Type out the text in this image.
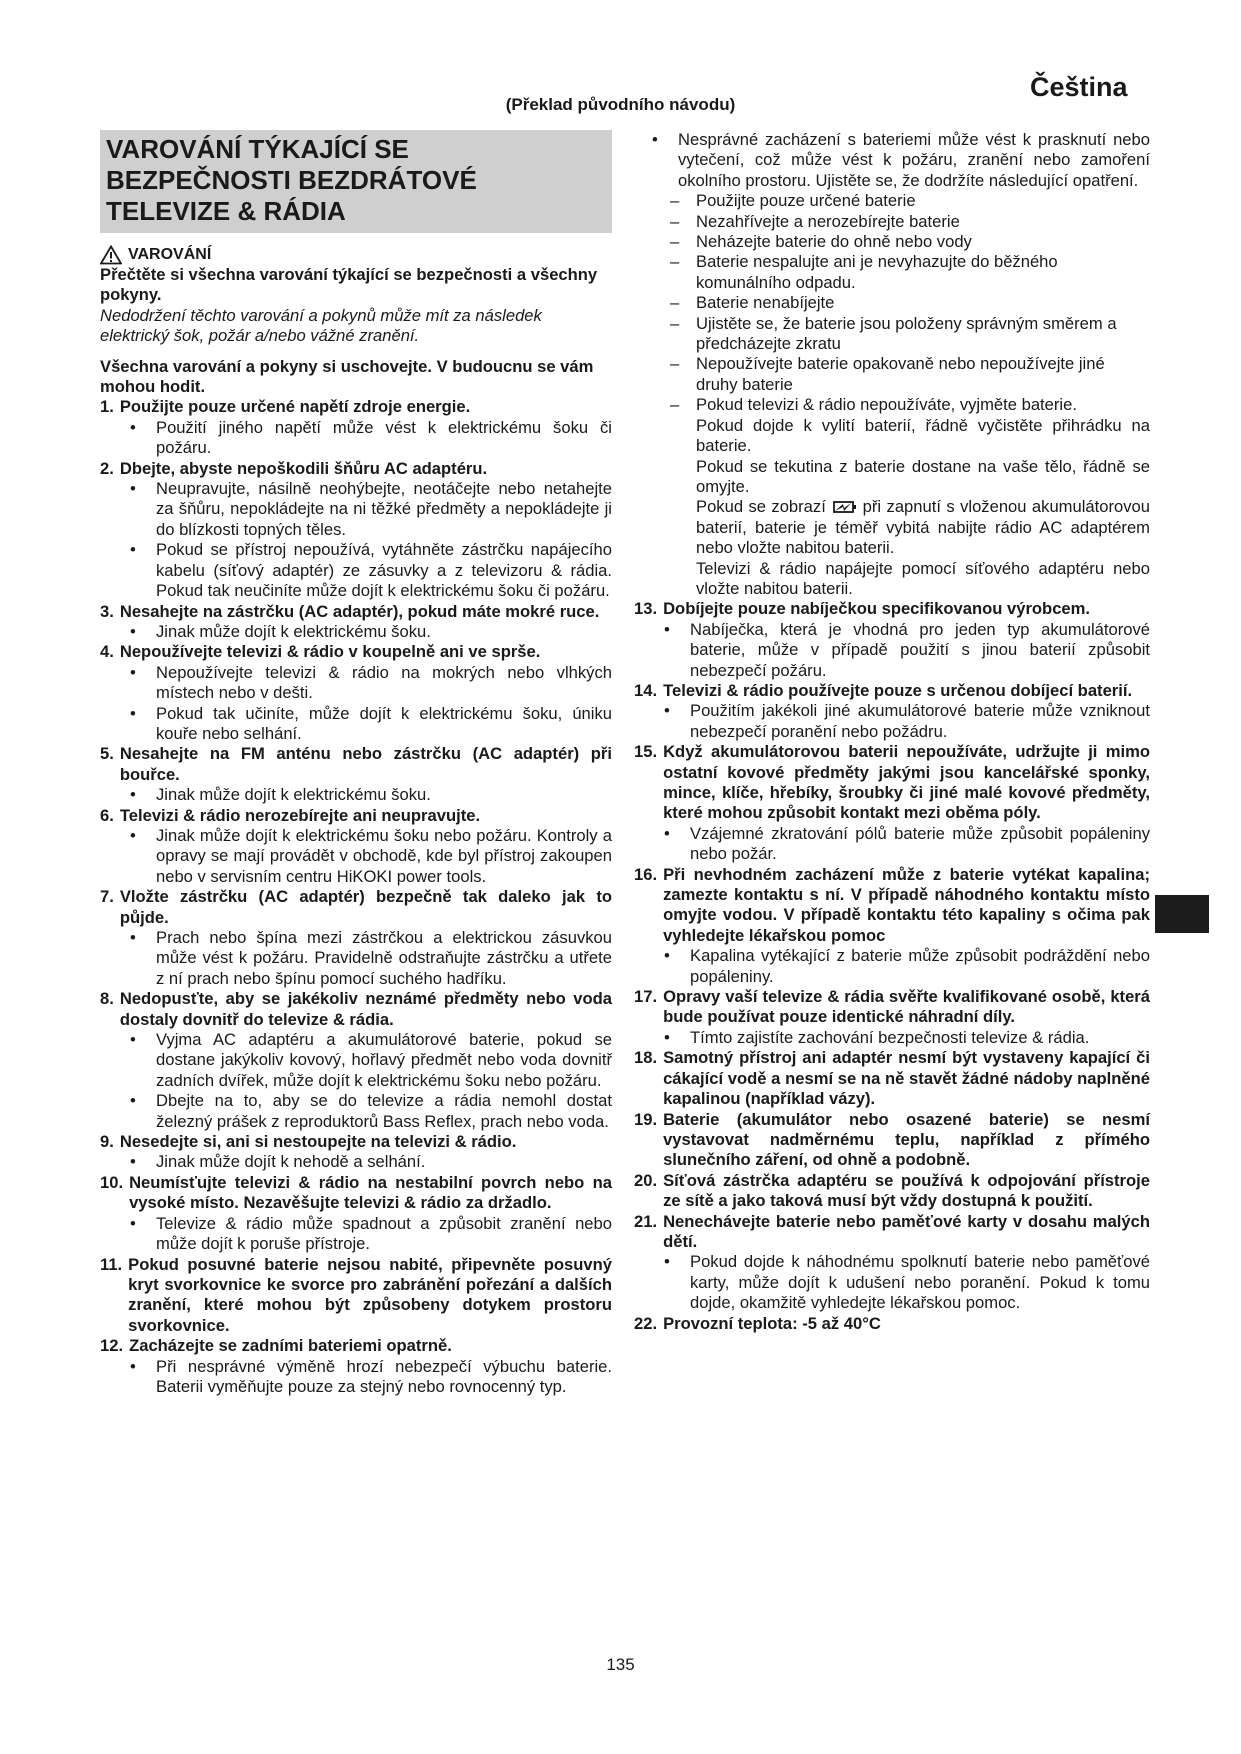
Čeština
(Překlad původního návodu)
VAROVÁNÍ TÝKAJÍCÍ SE
BEZPEČNOSTI BEZDRÁTOVÉ
TELEVIZE & RÁDIA
VAROVÁNÍ
Přečtěte si všechna varování týkající se bezpečnosti a všechny pokyny.
Nedodržení těchto varování a pokynů může mít za následek elektrický šok, požár a/nebo vážné zranění.
Všechna varování a pokyny si uschovejte. V budoucnu se vám mohou hodit.
1. Použijte pouze určené napětí zdroje energie.
•	Použití jiného napětí může vést k elektrickému šoku či požáru.
2. Dbejte, abyste nepoškodili šňůru AC adaptéru.
•	Neupravujte, násilně neohýbejte, neotáčejte nebo netahejte za šňůru, nepokládejte na ni těžké předměty a nepokládejte ji do blízkosti topných těles.
•	Pokud se přístroj nepoužívá, vytáhněte zástrčku napájecího kabelu (síťový adaptér) ze zásuvky a z televizoru & rádia. Pokud tak neučiníte může dojít k elektrickému šoku či požáru.
3. Nesahejte na zástrčku (AC adaptér), pokud máte mokré ruce.
•	Jinak může dojít k elektrickému šoku.
4. Nepoužívejte televizi & rádio v koupelně ani ve sprše.
•	Nepoužívejte televizi & rádio na mokrých nebo vlhkých místech nebo v dešti.
•	Pokud tak učiníte, může dojít k elektrickému šoku, úniku kouře nebo selhání.
5. Nesahejte na FM anténu nebo zástrčku (AC adaptér) při bouřce.
•	Jinak může dojít k elektrickému šoku.
6. Televizi & rádio nerozebírejte ani neupravujte.
•	Jinak může dojít k elektrickému šoku nebo požáru. Kontroly a opravy se mají provádět v obchodě, kde byl přístroj zakoupen nebo v servisním centru HiKOKI power tools.
7. Vložte zástrčku (AC adaptér) bezpečně tak daleko jak to půjde.
•	Prach nebo špína mezi zástrčkou a elektrickou zásuvkou může vést k požáru. Pravidelně odstraňujte zástrčku a utřete z ní prach nebo špínu pomocí suchého hadříku.
8. Nedopusťte, aby se jakékoliv neznámé předměty nebo voda dostaly dovnitř do televize & rádia.
•	Vyjma AC adaptéru a akumulátorové baterie, pokud se dostane jakýkoliv kovový, hořlavý předmět nebo voda dovnitř zadních dvířek, může dojít k elektrickému šoku nebo požáru.
•	Dbejte na to, aby se do televize a rádia nemohl dostat železný prášek z reproduktorů Bass Reflex, prach nebo voda.
9. Nesedejte si, ani si nestoupejte na televizi & rádio.
•	Jinak může dojít k nehodě a selhání.
10. Neumísťujte televizi & rádio na nestabilní povrch nebo na vysoké místo. Nezavěšujte televizi & rádio za držadlo.
•	Televize & rádio může spadnout a způsobit zranění nebo může dojít k poruše přístroje.
11. Pokud posuvné baterie nejsou nabité, připevněte posuvný kryt svorkovnice ke svorce pro zabránění pořezání a dalších zranění, které mohou být způsobeny dotykem prostoru svorkovnice.
12. Zacházejte se zadními bateriemi opatrně.
•	Při nesprávné výměně hrozí nebezpečí výbuchu baterie. Baterii vyměňujte pouze za stejný nebo rovnocenný typ.
•	Nesprávné zacházení s bateriemi může vést k prasknutí nebo vytečení, což může vést k požáru, zranění nebo zamoření okolního prostoru. Ujistěte se, že dodržíte následující opatření.
–	Použijte pouze určené baterie
–	Nezahřívejte a nerozebírejte baterie
–	Neházejte baterie do ohně nebo vody
–	Baterie nespalujte ani je nevyhazujte do běžného komunálního odpadu.
–	Baterie nenabíjejte
–	Ujistěte se, že baterie jsou položeny správným směrem a předcházejte zkratu
–	Nepoužívejte baterie opakovaně nebo nepoužívejte jiné druhy baterie
–	Pokud televizi & rádio nepoužíváte, vyjměte baterie.
Pokud dojde k vylití baterií, řádně vyčistěte přihrádku na baterie.
Pokud se tekutina z baterie dostane na vaše tělo, řádně se omyjte.
Pokud se zobrazí při zapnutí s vloženou akumulátorovou baterií, baterie je téměř vybitá nabijte rádio AC adaptérem nebo vložte nabitou baterii.
Televizi & rádio napájejte pomocí síťového adaptéru nebo vložte nabitou baterii.
13. Dobíjejte pouze nabíječkou specifikovanou výrobcem.
•	Nabíječka, která je vhodná pro jeden typ akumulátorové baterie, může v případě použití s jinou baterií způsobit nebezpečí požáru.
14. Televizi & rádio používejte pouze s určenou dobíjecí baterií.
•	Použitím jakékoli jiné akumulátorové baterie může vzniknout nebezpečí poranění nebo požádru.
15. Když akumulátorovou baterii nepoužíváte, udržujte ji mimo ostatní kovové předměty jakými jsou kancelářské sponky, mince, klíče, hřebíky, šroubky či jiné malé kovové předměty, které mohou způsobit kontakt mezi oběma póly.
•	Vzájemné zkratování pólů baterie může způsobit popáleniny nebo požár.
16. Při nevhodném zacházení může z baterie vytékat kapalina; zamezte kontaktu s ní. V případě náhodného kontaktu místo omyjte vodou. V případě kontaktu této kapaliny s očima pak vyhledejte lékařskou pomoc
•	Kapalina vytékající z baterie může způsobit podráždění nebo popáleniny.
17. Opravy vaší televize & rádia svěřte kvalifikované osobě, která bude používat pouze identické náhradní díly.
•	Tímto zajistíte zachování bezpečnosti televize & rádia.
18. Samotný přístroj ani adaptér nesmí být vystaveny kapající či cákající vodě a nesmí se na ně stavět žádné nádoby naplněné kapalinou (například vázy).
19. Baterie (akumulátor nebo osazené baterie) se nesmí vystavovat nadměrnému teplu, například z přímého slunečního záření, od ohně a podobně.
20. Síťová zástrčka adaptéru se používá k odpojování přístroje ze sítě a jako taková musí být vždy dostupná k použití.
21. Nenechávejte baterie nebo paměťové karty v dosahu malých dětí.
•	Pokud dojde k náhodnému spolknutí baterie nebo paměťové karty, může dojít k udušení nebo poranění. Pokud k tomu dojde, okamžitě vyhledejte lékařskou pomoc.
22. Provozní teplota: -5 až 40°C
135
